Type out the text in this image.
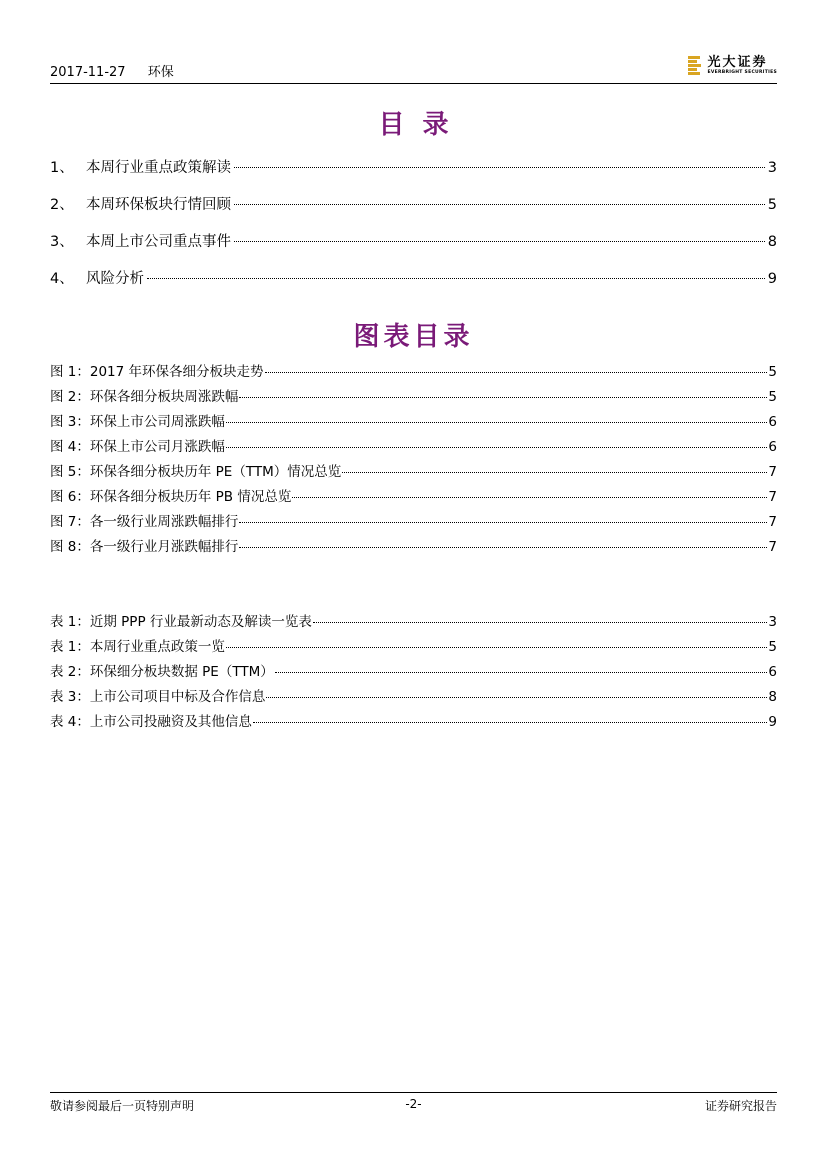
2017-11-27 环保
光大证券
EVERBRIGHT SECURITIES
目录
1、 本周行业重点政策解读	3
2、 本周环保板块行情回顾	5
3、 本周上市公司重点事件	8
4、 风险分析	9
图表目录
图 1：2017 年环保各细分板块走势	5
图 2：环保各细分板块周涨跌幅	5
图 3：环保上市公司周涨跌幅	6
图 4：环保上市公司月涨跌幅	6
图 5：环保各细分板块历年 PE（TTM）情况总览	7
图 6：环保各细分板块历年 PB 情况总览	7
图 7：各一级行业周涨跌幅排行	7
图 8：各一级行业月涨跌幅排行	7
表 1：近期 PPP 行业最新动态及解读一览表	3
表 1：本周行业重点政策一览	5
表 2：环保细分板块数据 PE（TTM）	6
表 3：上市公司项目中标及合作信息	8
表 4：上市公司投融资及其他信息	9
敬请参阅最后一页特别声明	-2-	证券研究报告
